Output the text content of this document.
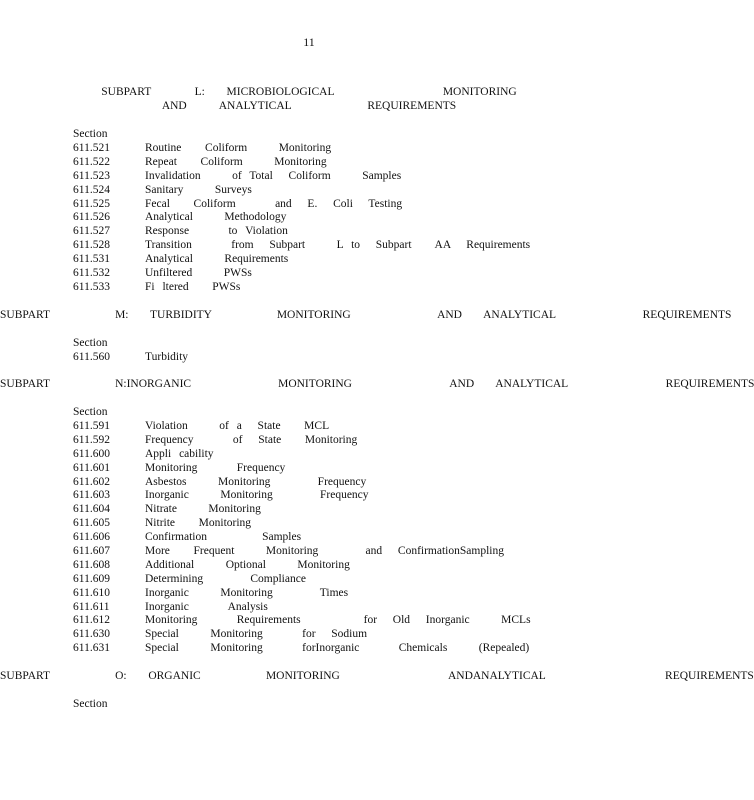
11
SUBPART    L:  MICROBIOLOGICAL          MONITORING
AND   ANALYTICAL       REQUIREMENTS
Section
611.521	Routine   Coliform    Monitoring
611.522	Repeat   Coliform    Monitoring
611.523	Invalidation    of Total  Coliform    Samples
611.524	Sanitary    Surveys
611.525	Fecal   Coliform     and  E.  Coli  Testing
611.526	Analytical    Methodology
611.527	Response     to Violation
611.528	Transition     from  Subpart    L to  Subpart   AA  Requirements
611.531	Analytical    Requirements
611.532	Unfiltered    PWSs
611.533	Fi ltered   PWSs
SUBPART      M:  TURBIDITY      MONITORING        AND  ANALYTICAL        REQUIREMENTS
Section
611.560	Turbidity
SUBPART      N:INORGANIC        MONITORING         AND  ANALYTICAL         REQUIREMENTS
Section
611.591	Violation    of a  State   MCL
611.592	Frequency     of  State   Monitoring
611.600	Appli cability
611.601	Monitoring     Frequency
611.602	Asbestos    Monitoring      Frequency
611.603	Inorganic    Monitoring      Frequency
611.604	Nitrate    Monitoring
611.605	Nitrite   Monitoring
611.606	Confirmation       Samples
611.607	More   Frequent    Monitoring      and  ConfirmationSampling
611.608	Additional    Optional    Monitoring
611.609	Determining      Compliance
611.610	Inorganic    Monitoring      Times
611.611	Inorganic     Analysis
611.612	Monitoring     Requirements        for  Old  Inorganic    MCLs
611.630	Special    Monitoring     for  Sodium
611.631	Special    Monitoring     forInorganic     Chemicals    (Repealed)
SUBPART      O:  ORGANIC      MONITORING          ANDANALYTICAL           REQUIREMENTS
Section
